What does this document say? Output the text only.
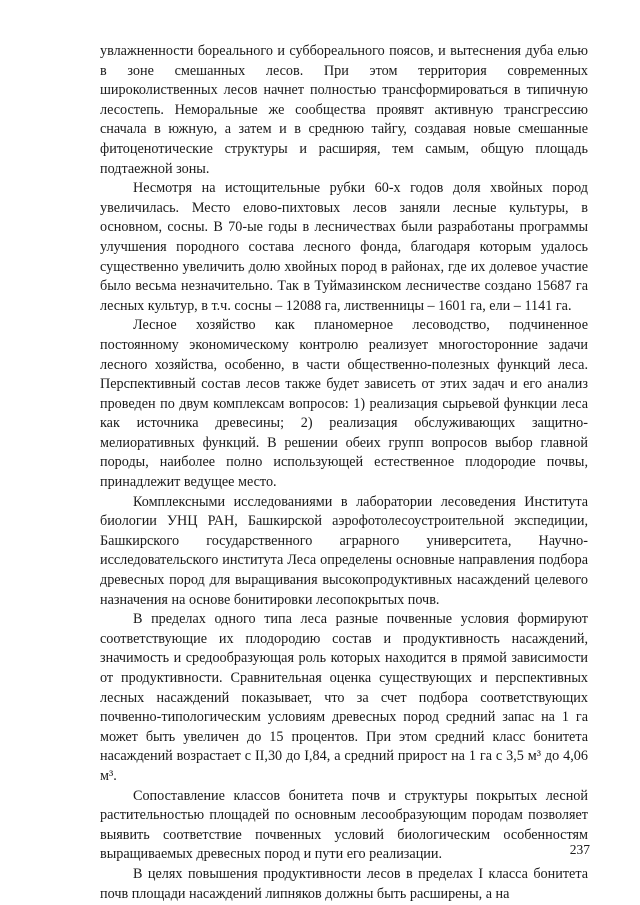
увлажненности бореального и суббореального поясов, и вытеснения дуба елью в зоне смешанных лесов. При этом территория современных широколиственных лесов начнет полностью трансформироваться в типичную лесостепь. Неморальные же сообщества проявят активную трансгрессию сначала в южную, а затем и в среднюю тайгу, создавая новые смешанные фитоценотические структуры и расширяя, тем самым, общую площадь подтаежной зоны.

Несмотря на истощительные рубки 60-х годов доля хвойных пород увеличилась. Место елово-пихтовых лесов заняли лесные культуры, в основном, сосны. В 70-ые годы в лесничествах были разработаны программы улучшения породного состава лесного фонда, благодаря которым удалось существенно увеличить долю хвойных пород в районах, где их долевое участие было весьма незначительно. Так в Туймазинском лесничестве создано 15687 га лесных культур, в т.ч. сосны – 12088 га, лиственницы – 1601 га, ели – 1141 га.

Лесное хозяйство как планомерное лесоводство, подчиненное постоянному экономическому контролю реализует многосторонние задачи лесного хозяйства, особенно, в части общественно-полезных функций леса. Перспективный состав лесов также будет зависеть от этих задач и его анализ проведен по двум комплексам вопросов: 1) реализация сырьевой функции леса как источника древесины; 2) реализация обслуживающих защитно-мелиоративных функций. В решении обеих групп вопросов выбор главной породы, наиболее полно использующей естественное плодородие почвы, принадлежит ведущее место.

Комплексными исследованиями в лаборатории лесоведения Института биологии УНЦ РАН, Башкирской аэрофотолесоустроительной экспедиции, Башкирского государственного аграрного университета, Научно-исследовательского института Леса определены основные направления подбора древесных пород для выращивания высокопродуктивных насаждений целевого назначения на основе бонитировки лесопокрытых почв.

В пределах одного типа леса разные почвенные условия формируют соответствующие их плодородию состав и продуктивность насаждений, значимость и средообразующая роль которых находится в прямой зависимости от продуктивности. Сравнительная оценка существующих и перспективных лесных насаждений показывает, что за счет подбора соответствующих почвенно-типологическим условиям древесных пород средний запас на 1 га может быть увеличен до 15 процентов. При этом средний класс бонитета насаждений возрастает с II,30 до I,84, а средний прирост на 1 га с 3,5 м³ до 4,06 м³.

Сопоставление классов бонитета почв и структуры покрытых лесной растительностью площадей по основным лесообразующим породам позволяет выявить соответствие почвенных условий биологическим особенностям выращиваемых древесных пород и пути его реализации.

В целях повышения продуктивности лесов в пределах I класса бонитета почв площади насаждений липняков должны быть расширены, а на

237
